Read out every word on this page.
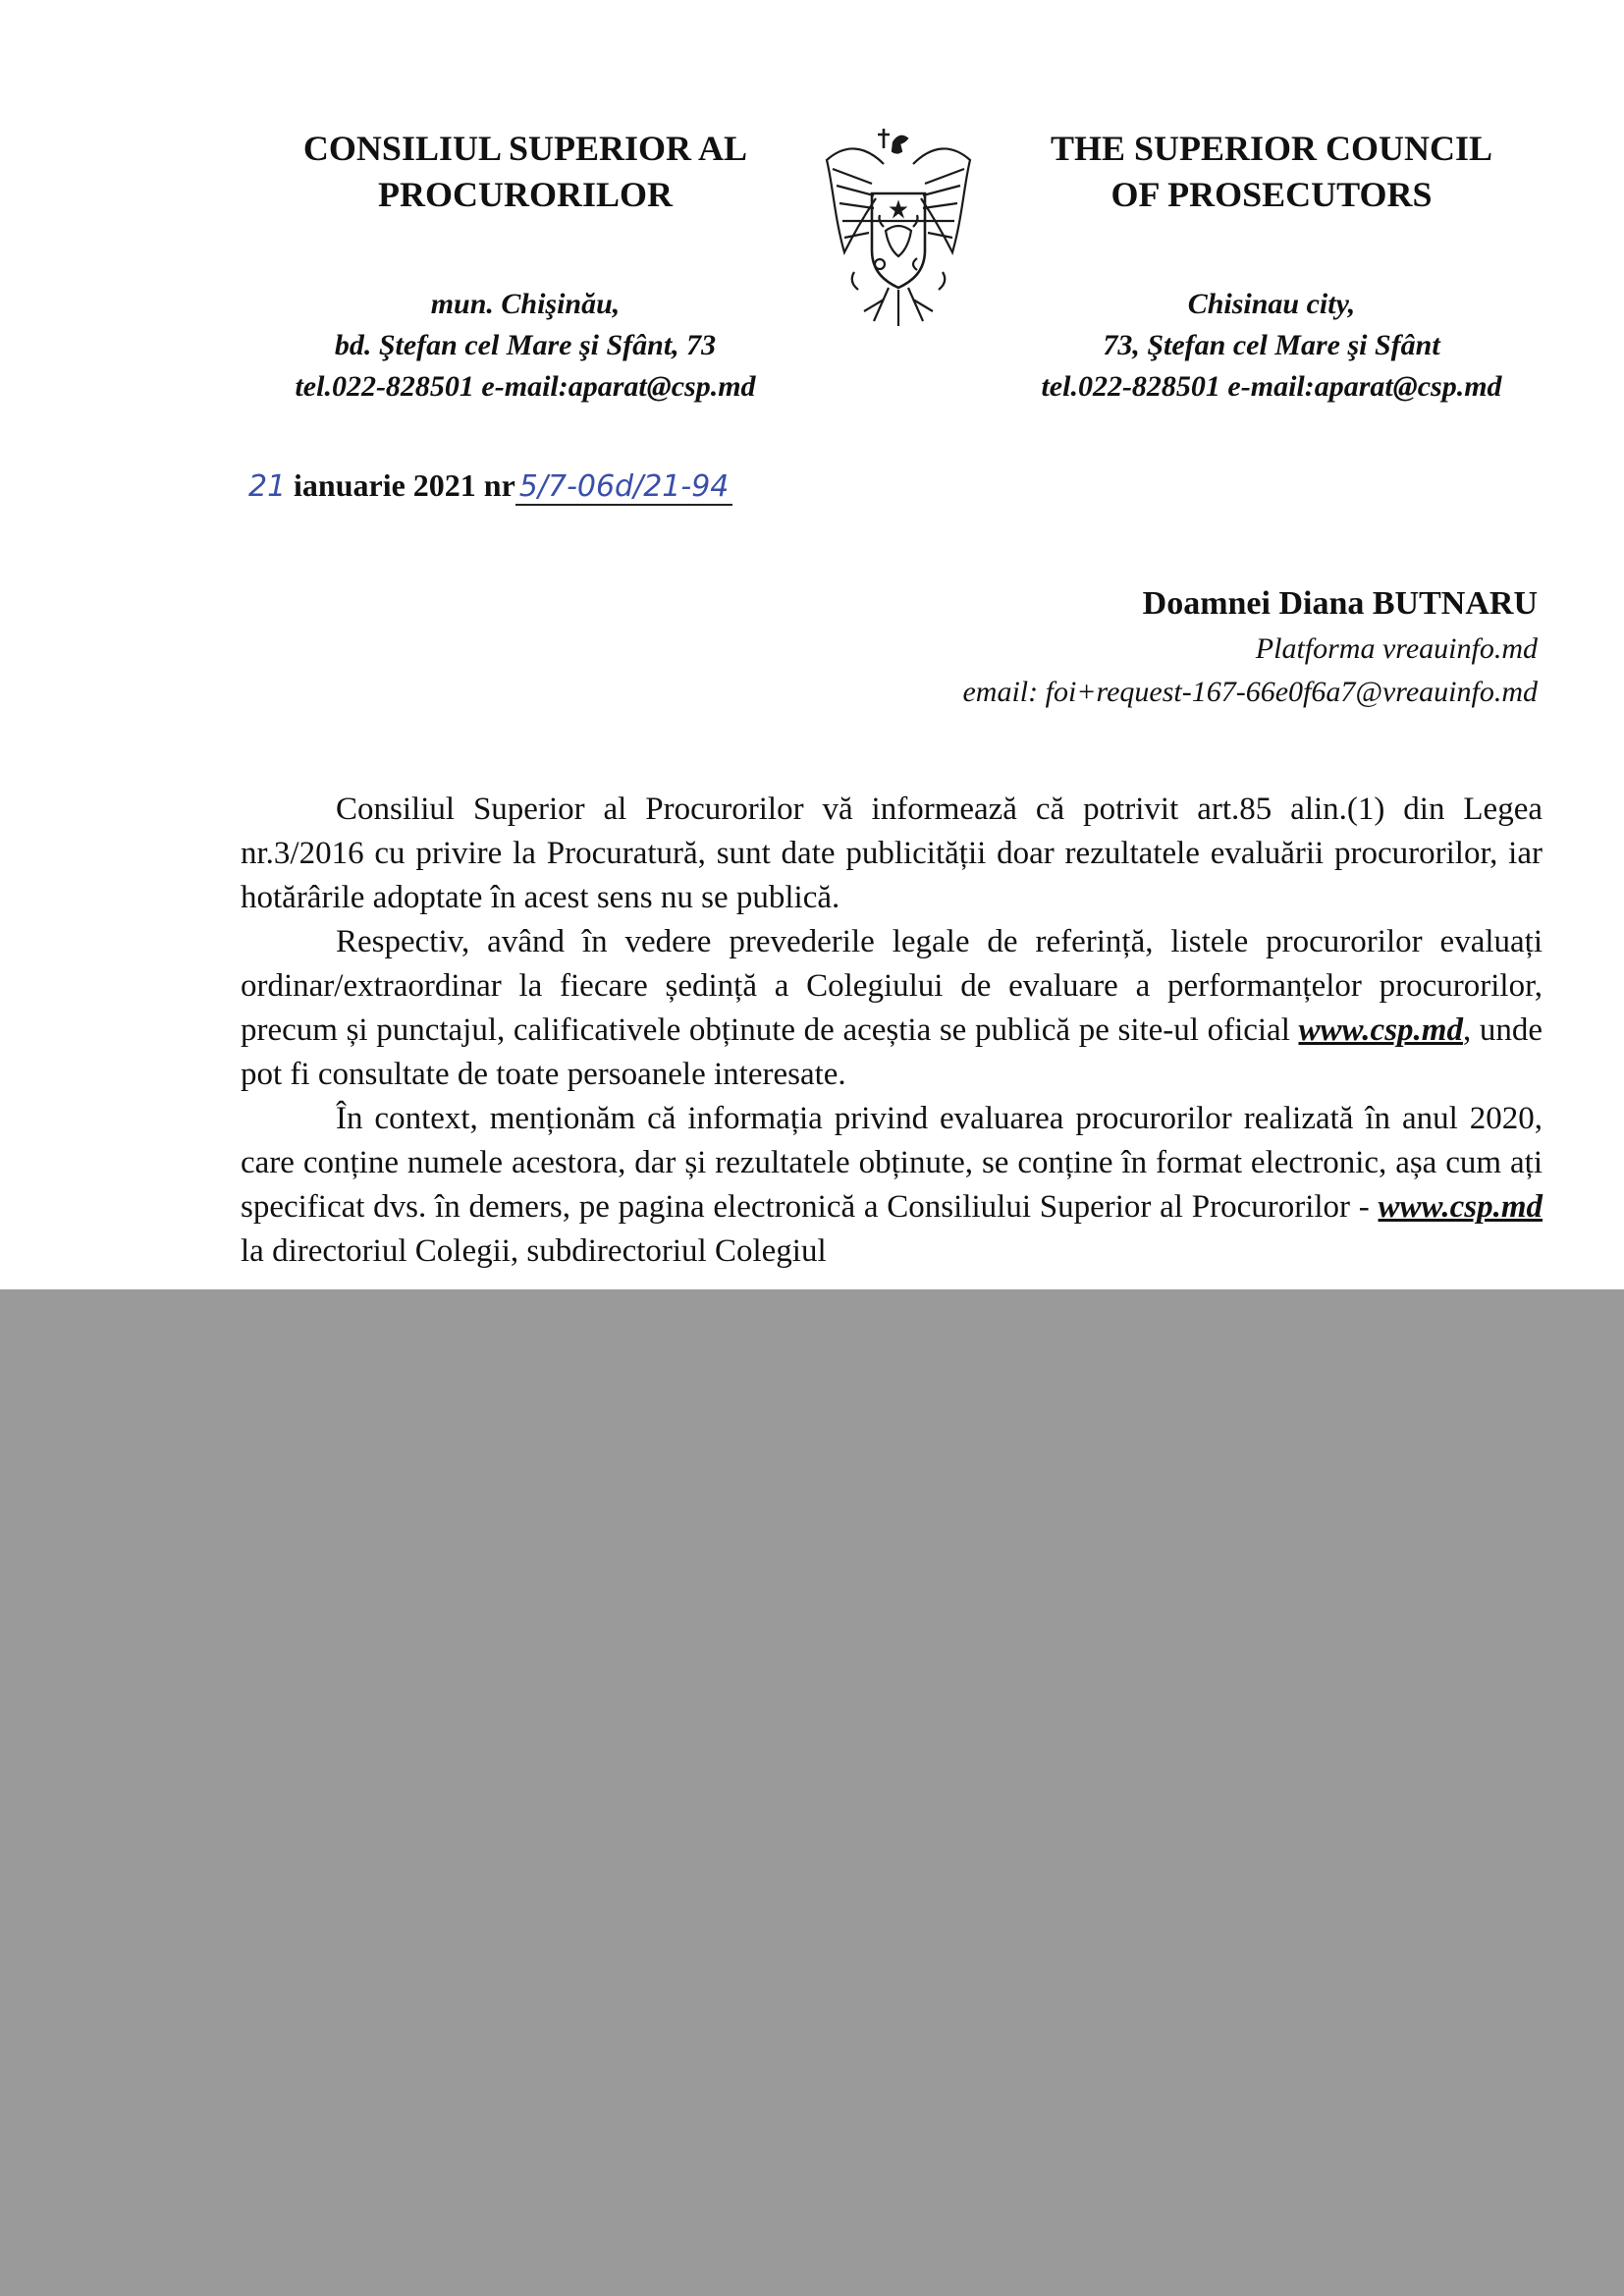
CONSILIUL SUPERIOR AL
PROCURORILOR
THE SUPERIOR COUNCIL
OF PROSECUTORS
mun. Chişinău,
bd. Ştefan cel Mare şi Sfânt, 73
tel.022-828501 e-mail:aparat@csp.md
Chisinau city,
73, Ştefan cel Mare şi Sfânt
tel.022-828501 e-mail:aparat@csp.md
21 ianuarie 2021 nr 5/7-06d/21-94
Doamnei Diana BUTNARU
Platforma vreauinfo.md
email: foi+request-167-66e0f6a7@vreauinfo.md

Consiliul Superior al Procurorilor vă informează că potrivit art.85 alin.(1) din Legea nr.3/2016 cu privire la Procuratură, sunt date publicității doar rezultatele evaluării procurorilor, iar hotărârile adoptate în acest sens nu se publică.

Respectiv, având în vedere prevederile legale de referință, listele procurorilor evaluați ordinar/extraordinar la fiecare ședință a Colegiului de evaluare a performanțelor procurorilor, precum și punctajul, calificativele obținute de aceștia se publică pe site-ul oficial www.csp.md, unde pot fi consultate de toate persoanele interesate.

În context, menționăm că informația privind evaluarea procurorilor realizată în anul 2020, care conține numele acestora, dar și rezultatele obținute, se conține în format electronic, așa cum ați specificat dvs. în demers, pe pagina electronică a Consiliului Superior al Procurorilor - www.csp.md la directoriul Colegii, subdirectoriul Colegiul
